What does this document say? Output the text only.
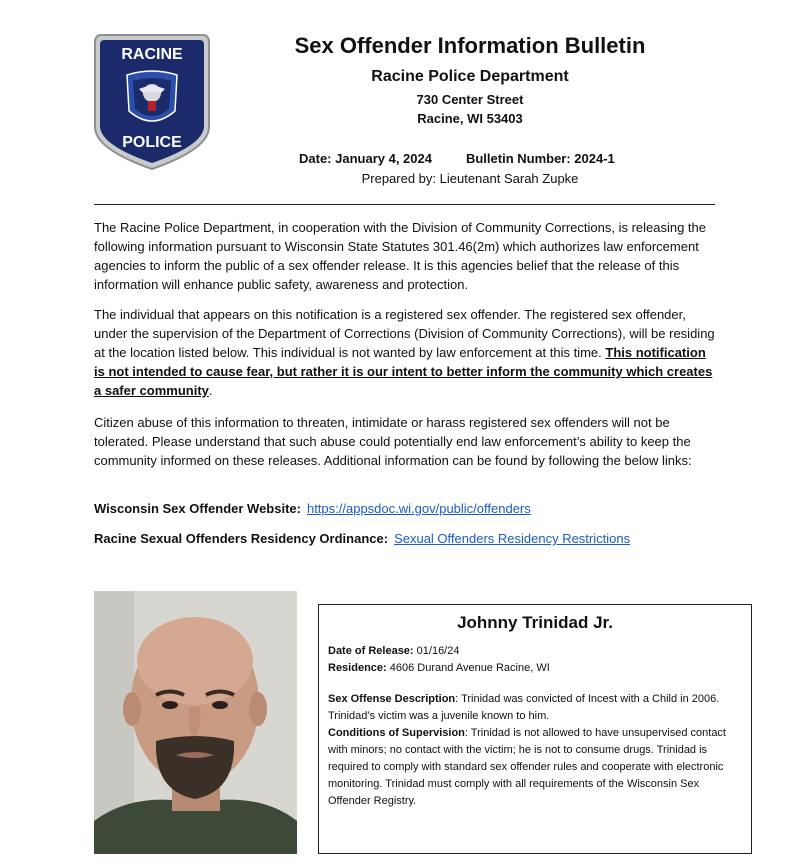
RACINE
POLICE
Sex Offender Information Bulletin
Racine Police Department
730 Center Street
Racine, WI 53403
Date: January 4, 2024	Bulletin Number: 2024-1
Prepared by: Lieutenant Sarah Zupke
The Racine Police Department, in cooperation with the Division of Community Corrections, is releasing the following information pursuant to Wisconsin State Statutes 301.46(2m) which authorizes law enforcement agencies to inform the public of a sex offender release. It is this agencies belief that the release of this information will enhance public safety, awareness and protection.
The individual that appears on this notification is a registered sex offender. The registered sex offender, under the supervision of the Department of Corrections (Division of Community Corrections), will be residing at the location listed below. This individual is not wanted by law enforcement at this time. This notification is not intended to cause fear, but rather it is our intent to better inform the community which creates a safer community.
Citizen abuse of this information to threaten, intimidate or harass registered sex offenders will not be tolerated. Please understand that such abuse could potentially end law enforcement’s ability to keep the community informed on these releases. Additional information can be found by following the below links:
Wisconsin Sex Offender Website: https://appsdoc.wi.gov/public/offenders
Racine Sexual Offenders Residency Ordinance: Sexual Offenders Residency Restrictions
Johnny Trinidad Jr.

Date of Release: 01/16/24

Residence: 4606 Durand Avenue Racine, WI

Sex Offense Description: Trinidad was convicted of Incest with a Child in 2006. Trinidad’s victim was a juvenile known to him.

Conditions of Supervision: Trinidad is not allowed to have unsupervised contact with minors; no contact with the victim; he is not to consume drugs. Trinidad is required to comply with standard sex offender rules and cooperate with electronic monitoring. Trinidad must comply with all requirements of the Wisconsin Sex Offender Registry.
